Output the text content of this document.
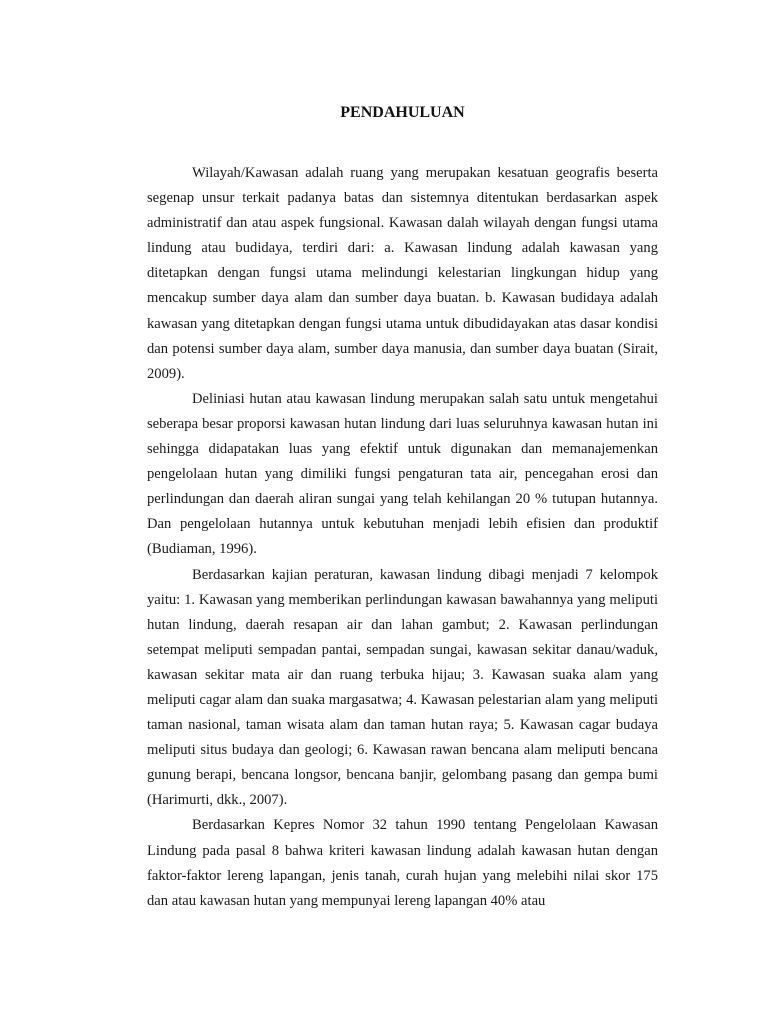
PENDAHULUAN

Wilayah/Kawasan adalah ruang yang merupakan kesatuan geografis beserta segenap unsur terkait padanya batas dan sistemnya ditentukan berdasarkan aspek administratif dan atau aspek fungsional. Kawasan dalah wilayah dengan fungsi utama lindung atau budidaya, terdiri dari: a. Kawasan lindung adalah kawasan yang ditetapkan dengan fungsi utama melindungi kelestarian lingkungan hidup yang mencakup sumber daya alam dan sumber daya buatan. b. Kawasan budidaya adalah kawasan yang ditetapkan dengan fungsi utama untuk dibudidayakan atas dasar kondisi dan potensi sumber daya alam, sumber daya manusia, dan sumber daya buatan (Sirait, 2009).

Deliniasi hutan atau kawasan lindung merupakan salah satu untuk mengetahui seberapa besar proporsi kawasan hutan lindung dari luas seluruhnya kawasan hutan ini sehingga didapatakan luas yang efektif untuk digunakan dan memanajemenkan pengelolaan hutan yang dimiliki fungsi pengaturan tata air, pencegahan erosi dan perlindungan dan daerah aliran sungai yang telah kehilangan 20 % tutupan hutannya. Dan pengelolaan hutannya untuk kebutuhan menjadi lebih efisien dan produktif (Budiaman, 1996).

Berdasarkan kajian peraturan, kawasan lindung dibagi menjadi 7 kelompok yaitu: 1. Kawasan yang memberikan perlindungan kawasan bawahannya yang meliputi hutan lindung, daerah resapan air dan lahan gambut; 2. Kawasan perlindungan setempat meliputi sempadan pantai, sempadan sungai, kawasan sekitar danau/waduk, kawasan sekitar mata air dan ruang terbuka hijau; 3. Kawasan suaka alam yang meliputi cagar alam dan suaka margasatwa; 4. Kawasan pelestarian alam yang meliputi taman nasional, taman wisata alam dan taman hutan raya; 5. Kawasan cagar budaya meliputi situs budaya dan geologi; 6. Kawasan rawan bencana alam meliputi bencana gunung berapi, bencana longsor, bencana banjir, gelombang pasang dan gempa bumi (Harimurti, dkk., 2007).

Berdasarkan Kepres Nomor 32 tahun 1990 tentang Pengelolaan Kawasan Lindung pada pasal 8 bahwa kriteri kawasan lindung adalah kawasan hutan dengan faktor-faktor lereng lapangan, jenis tanah, curah hujan yang melebihi nilai skor 175 dan atau kawasan hutan yang mempunyai lereng lapangan 40% atau
